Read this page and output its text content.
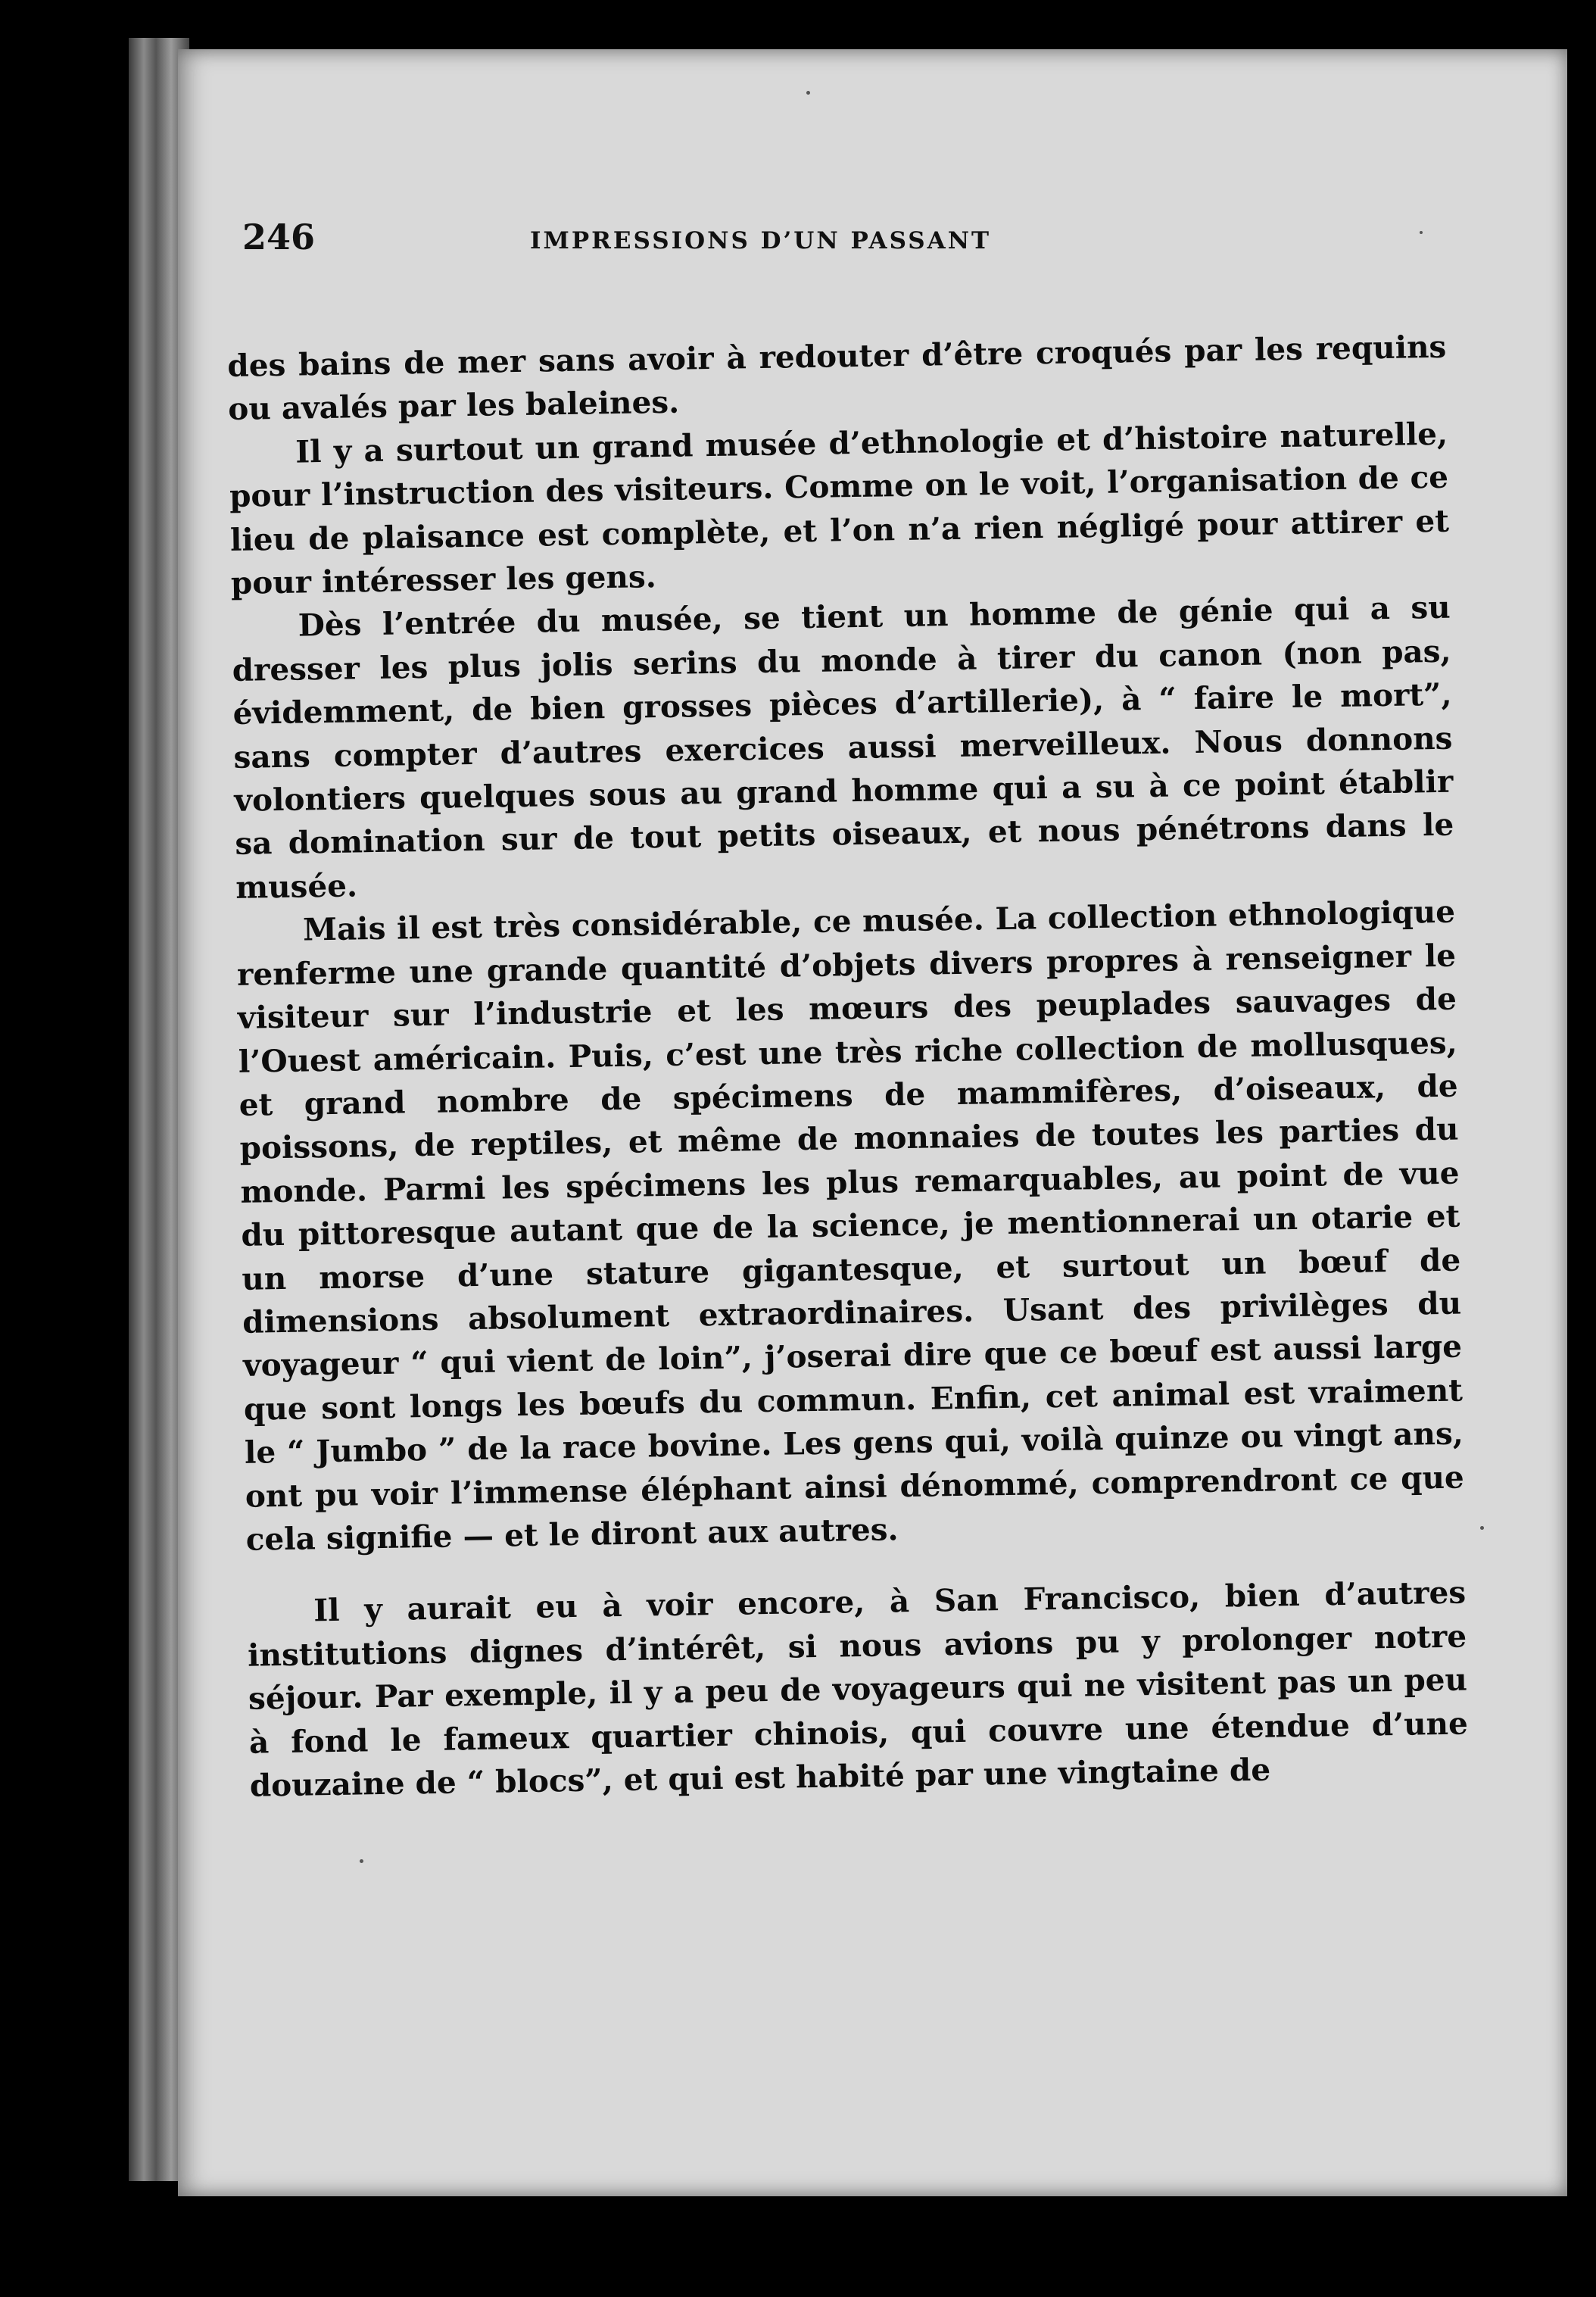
246	IMPRESSIONS D’UN PASSANT

des bains de mer sans avoir à redouter d’être croqués par les requins ou avalés par les baleines.

Il y a surtout un grand musée d’ethnologie et d’histoire naturelle, pour l’instruction des visiteurs. Comme on le voit, l’organisation de ce lieu de plaisance est complète, et l’on n’a rien négligé pour attirer et pour intéresser les gens.

Dès l’entrée du musée, se tient un homme de génie qui a su dresser les plus jolis serins du monde à tirer du canon (non pas, évidemment, de bien grosses pièces d’artillerie), à “ faire le mort”, sans compter d’autres exercices aussi merveilleux. Nous donnons volontiers quelques sous au grand homme qui a su à ce point établir sa domination sur de tout petits oiseaux, et nous pénétrons dans le musée.

Mais il est très considérable, ce musée. La collection ethnologique renferme une grande quantité d’objets divers propres à renseigner le visiteur sur l’industrie et les mœurs des peuplades sauvages de l’Ouest américain. Puis, c’est une très riche collection de mollusques, et grand nombre de spécimens de mammifères, d’oiseaux, de poissons, de reptiles, et même de monnaies de toutes les parties du monde. Parmi les spécimens les plus remarquables, au point de vue du pittoresque autant que de la science, je mentionnerai un otarie et un morse d’une stature gigantesque, et surtout un bœuf de dimensions absolument extraordinaires. Usant des privilèges du voyageur “ qui vient de loin”, j’oserai dire que ce bœuf est aussi large que sont longs les bœufs du commun. Enfin, cet animal est vraiment le “ Jumbo ” de la race bovine. Les gens qui, voilà quinze ou vingt ans, ont pu voir l’immense éléphant ainsi dénommé, comprendront ce que cela signifie — et le diront aux autres.

Il y aurait eu à voir encore, à San Francisco, bien d’autres institutions dignes d’intérêt, si nous avions pu y prolonger notre séjour. Par exemple, il y a peu de voyageurs qui ne visitent pas un peu à fond le fameux quartier chinois, qui couvre une étendue d’une douzaine de “ blocs”, et qui est habité par une vingtaine de
